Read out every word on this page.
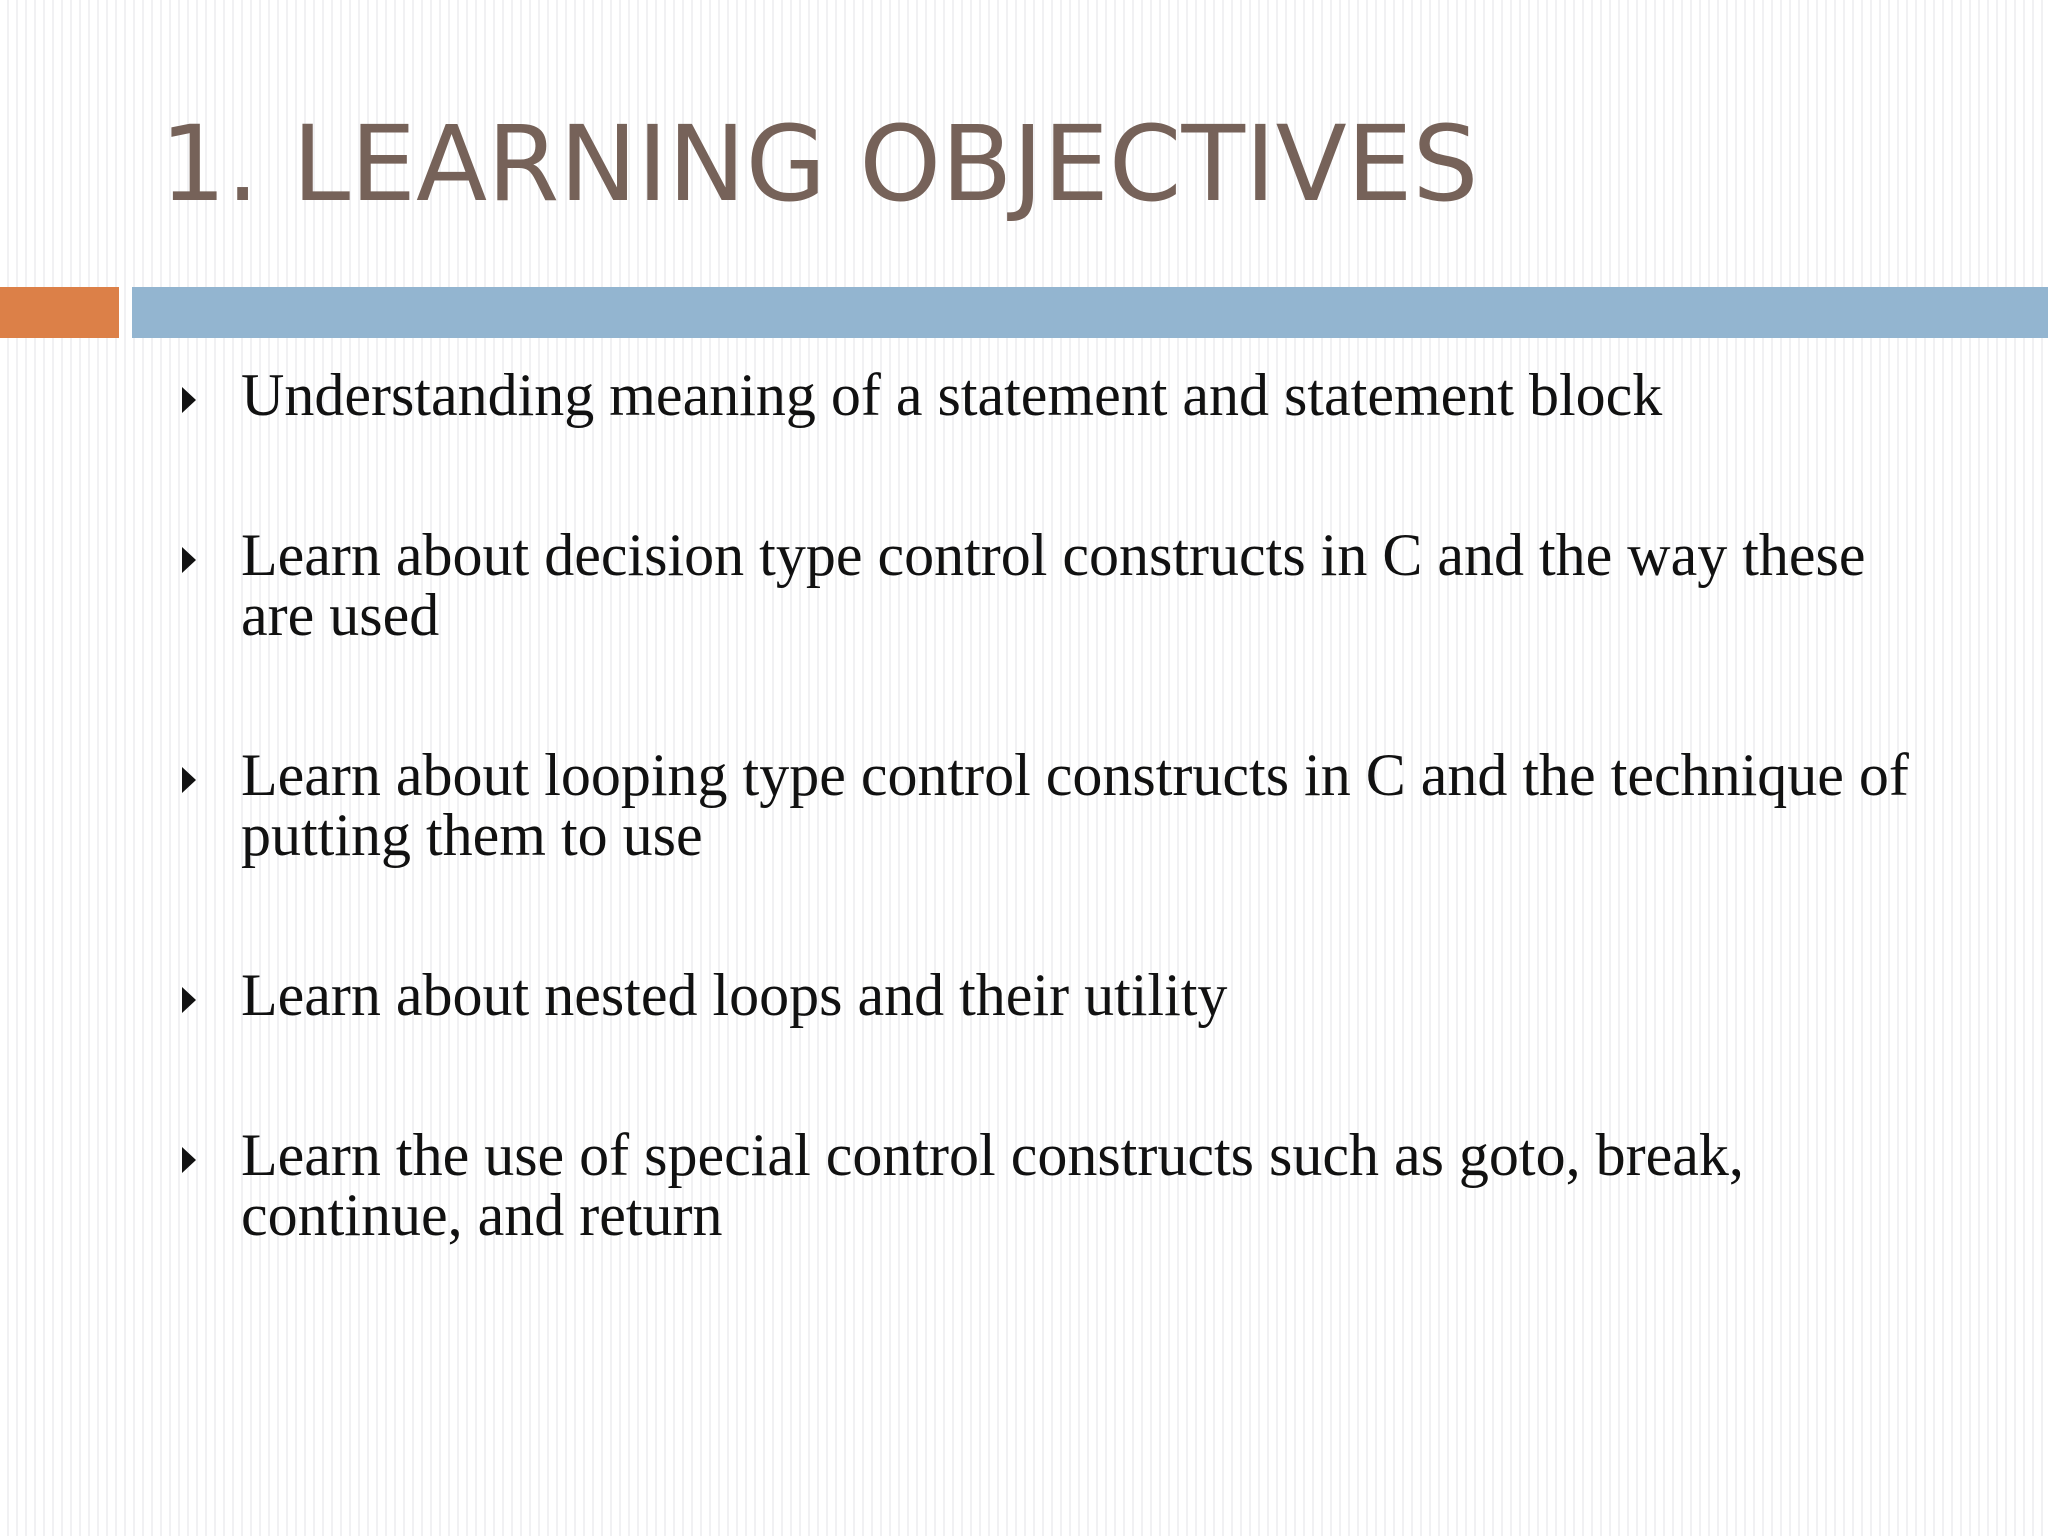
1. LEARNING OBJECTIVES
Understanding meaning of a statement and statement block
Learn about decision type control constructs in C and the way these are used
Learn about looping type control constructs in C and the technique of putting them to use
Learn about nested loops and their utility
Learn the use of special control constructs such as goto, break, continue, and return
